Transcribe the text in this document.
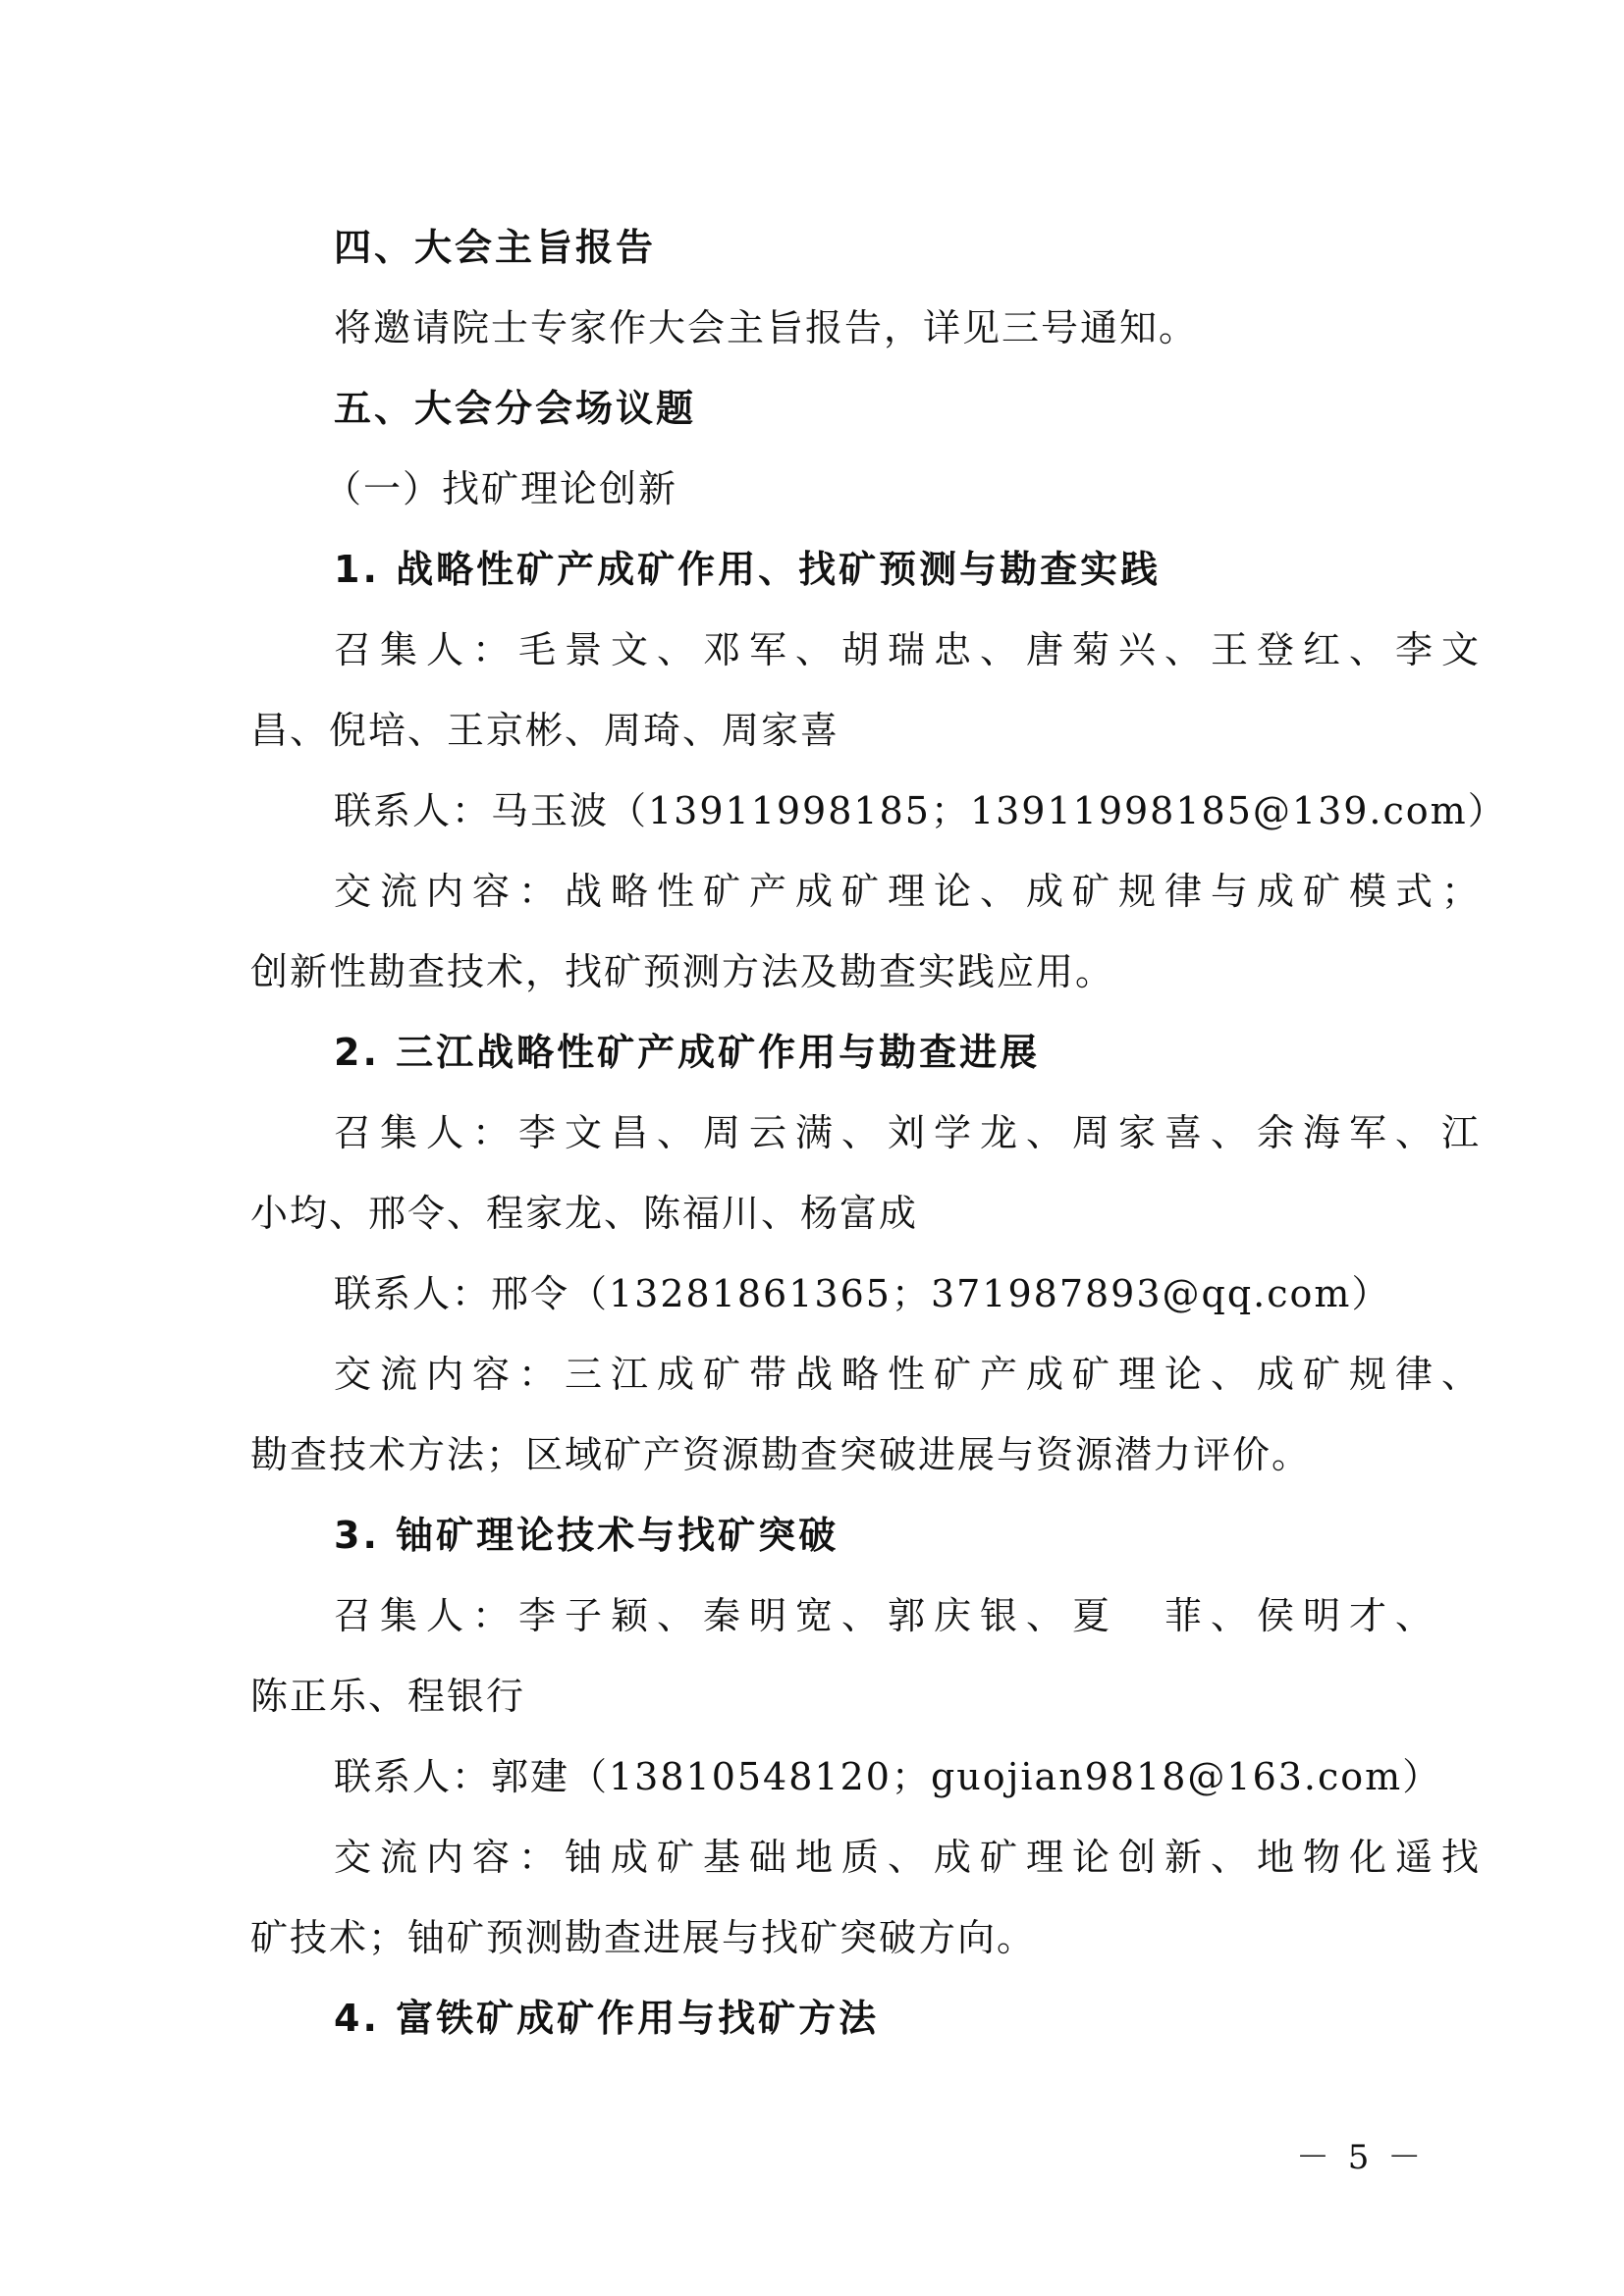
四、大会主旨报告
将邀请院士专家作大会主旨报告，详见三号通知。
五、大会分会场议题
（一）找矿理论创新
1. 战略性矿产成矿作用、找矿预测与勘查实践
召集人：毛景文、邓军、胡瑞忠、唐菊兴、王登红、李文
昌、倪培、王京彬、周琦、周家喜
联系人：马玉波（13911998185；13911998185@139.com）
交流内容：战略性矿产成矿理论、成矿规律与成矿模式；
创新性勘查技术，找矿预测方法及勘查实践应用。
2. 三江战略性矿产成矿作用与勘查进展
召集人：李文昌、周云满、刘学龙、周家喜、余海军、江
小均、邢令、程家龙、陈福川、杨富成
联系人：邢令（13281861365；371987893@qq.com）
交流内容：三江成矿带战略性矿产成矿理论、成矿规律、
勘查技术方法；区域矿产资源勘查突破进展与资源潜力评价。
3. 铀矿理论技术与找矿突破
召集人：李子颖、秦明宽、郭庆银、夏　菲、侯明才、
陈正乐、程银行
联系人：郭建（13810548120；guojian9818@163.com）
交流内容：铀成矿基础地质、成矿理论创新、地物化遥找
矿技术；铀矿预测勘查进展与找矿突破方向。
4. 富铁矿成矿作用与找矿方法
－ 5 －
